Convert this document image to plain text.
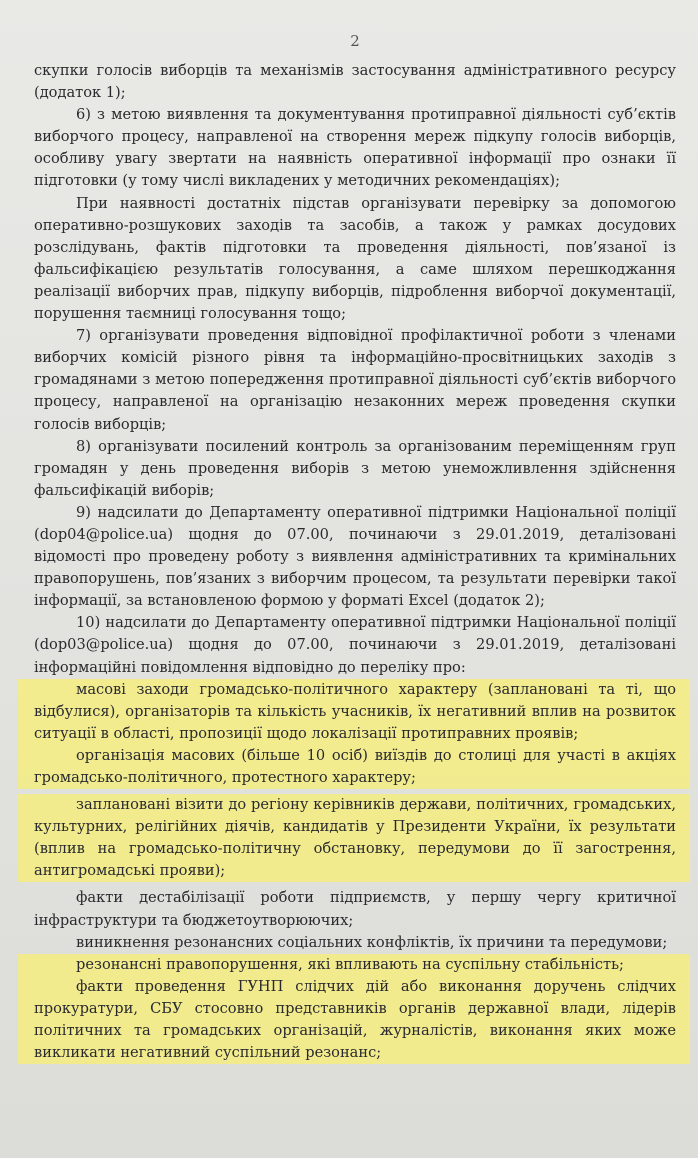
2

скупки голосів виборців та механізмів застосування адміністративного ресурсу (додаток 1);

6) з метою виявлення та документування протиправної діяльності суб’єктів виборчого процесу, направленої на створення мереж підкупу голосів виборців, особливу увагу звертати на наявність оперативної інформації про ознаки її підготовки (у тому числі викладених у методичних рекомендаціях);

При наявності достатніх підстав організувати перевірку за допомогою оперативно-розшукових заходів та засобів, а також у рамках досудових розслідувань, фактів підготовки та проведення діяльності, пов’язаної із фальсифікацією результатів голосування, а саме шляхом перешкоджання реалізації виборчих прав, підкупу виборців, підроблення виборчої документації, порушення таємниці голосування тощо;

7) організувати проведення відповідної профілактичної роботи з членами виборчих комісій різного рівня та інформаційно-просвітницьких заходів з громадянами з метою попередження протиправної діяльності суб’єктів виборчого процесу, направленої на організацію незаконних мереж проведення скупки голосів виборців;

8) організувати посилений контроль за організованим переміщенням груп громадян у день проведення виборів з метою унеможливлення здійснення фальсифікацій виборів;

9) надсилати до Департаменту оперативної підтримки Національної поліції (dop04@police.ua) щодня до 07.00, починаючи з 29.01.2019, деталізовані відомості про проведену роботу з виявлення адміністративних та кримінальних правопорушень, пов’язаних з виборчим процесом, та результати перевірки такої інформації, за встановленою формою у форматі Excel (додаток 2);

10) надсилати до Департаменту оперативної підтримки Національної поліції (dop03@police.ua) щодня до 07.00, починаючи з 29.01.2019, деталізовані інформаційні повідомлення відповідно до переліку про:

масові заходи громадсько-політичного характеру (заплановані та ті, що відбулися), організаторів та кількість учасників, їх негативний вплив на розвиток ситуації в області, пропозиції щодо локалізації протиправних проявів;

організація масових (більше 10 осіб) виїздів до столиці для участі в акціях громадсько-політичного, протестного характеру;

заплановані візити до регіону керівників держави, політичних, громадських, культурних, релігійних діячів, кандидатів у Президенти України, їх результати (вплив на громадсько-політичну обстановку, передумови до її загострення, антигромадські прояви);

факти дестабілізації роботи підприємств, у першу чергу критичної інфраструктури та бюджетоутворюючих;

виникнення резонансних соціальних конфліктів, їх причини та передумови;

резонансні правопорушення, які впливають на суспільну стабільність;

факти проведення ГУНП слідчих дій або виконання доручень слідчих прокуратури, СБУ стосовно представників органів державної влади, лідерів політичних та громадських організацій, журналістів, виконання яких може викликати негативний суспільний резонанс;
